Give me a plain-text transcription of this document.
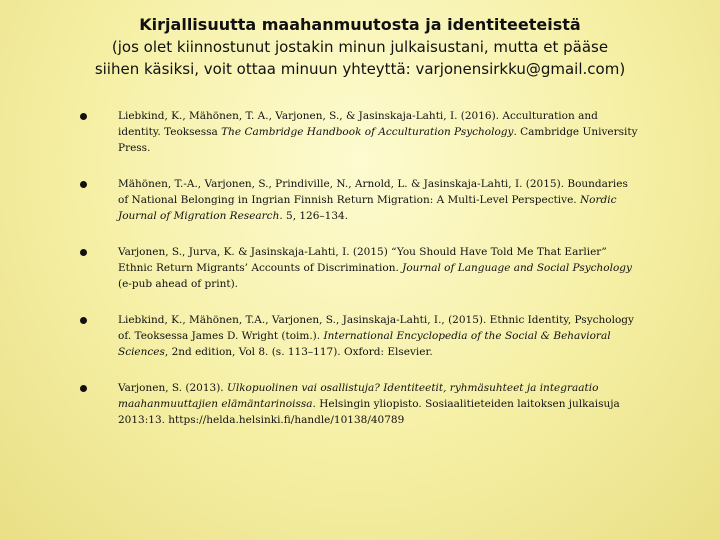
Kirjallisuutta maahanmuutosta ja identiteeteistä
(jos olet kiinnostunut jostakin minun julkaisustani, mutta et pääse
siihen käsiksi, voit ottaa minuun yhteyttä: varjonensirkku@gmail.com)
Liebkind, K., Mähönen, T. A., Varjonen, S., & Jasinskaja-Lahti, I. (2016). Acculturation and identity. Teoksessa The Cambridge Handbook of Acculturation Psychology. Cambridge University Press.
Mähönen, T.-A., Varjonen, S., Prindiville, N., Arnold, L. & Jasinskaja-Lahti, I. (2015). Boundaries of National Belonging in Ingrian Finnish Return Migration: A Multi-Level Perspective. Nordic Journal of Migration Research. 5, 126–134.
Varjonen, S., Jurva, K. & Jasinskaja-Lahti, I. (2015) “You Should Have Told Me That Earlier” Ethnic Return Migrants’ Accounts of Discrimination. Journal of Language and Social Psychology (e-pub ahead of print).
Liebkind, K., Mähönen, T.A., Varjonen, S., Jasinskaja-Lahti, I., (2015). Ethnic Identity, Psychology of. Teoksessa James D. Wright (toim.). International Encyclopedia of the Social & Behavioral Sciences, 2nd edition, Vol 8. (s. 113–117). Oxford: Elsevier.
Varjonen, S. (2013). Ulkopuolinen vai osallistuja? Identiteetit, ryhmäsuhteet ja integraatio maahanmuuttajien elämäntarinoissa. Helsingin yliopisto. Sosiaalitieteiden laitoksen julkaisuja 2013:13. https://helda.helsinki.fi/handle/10138/40789
